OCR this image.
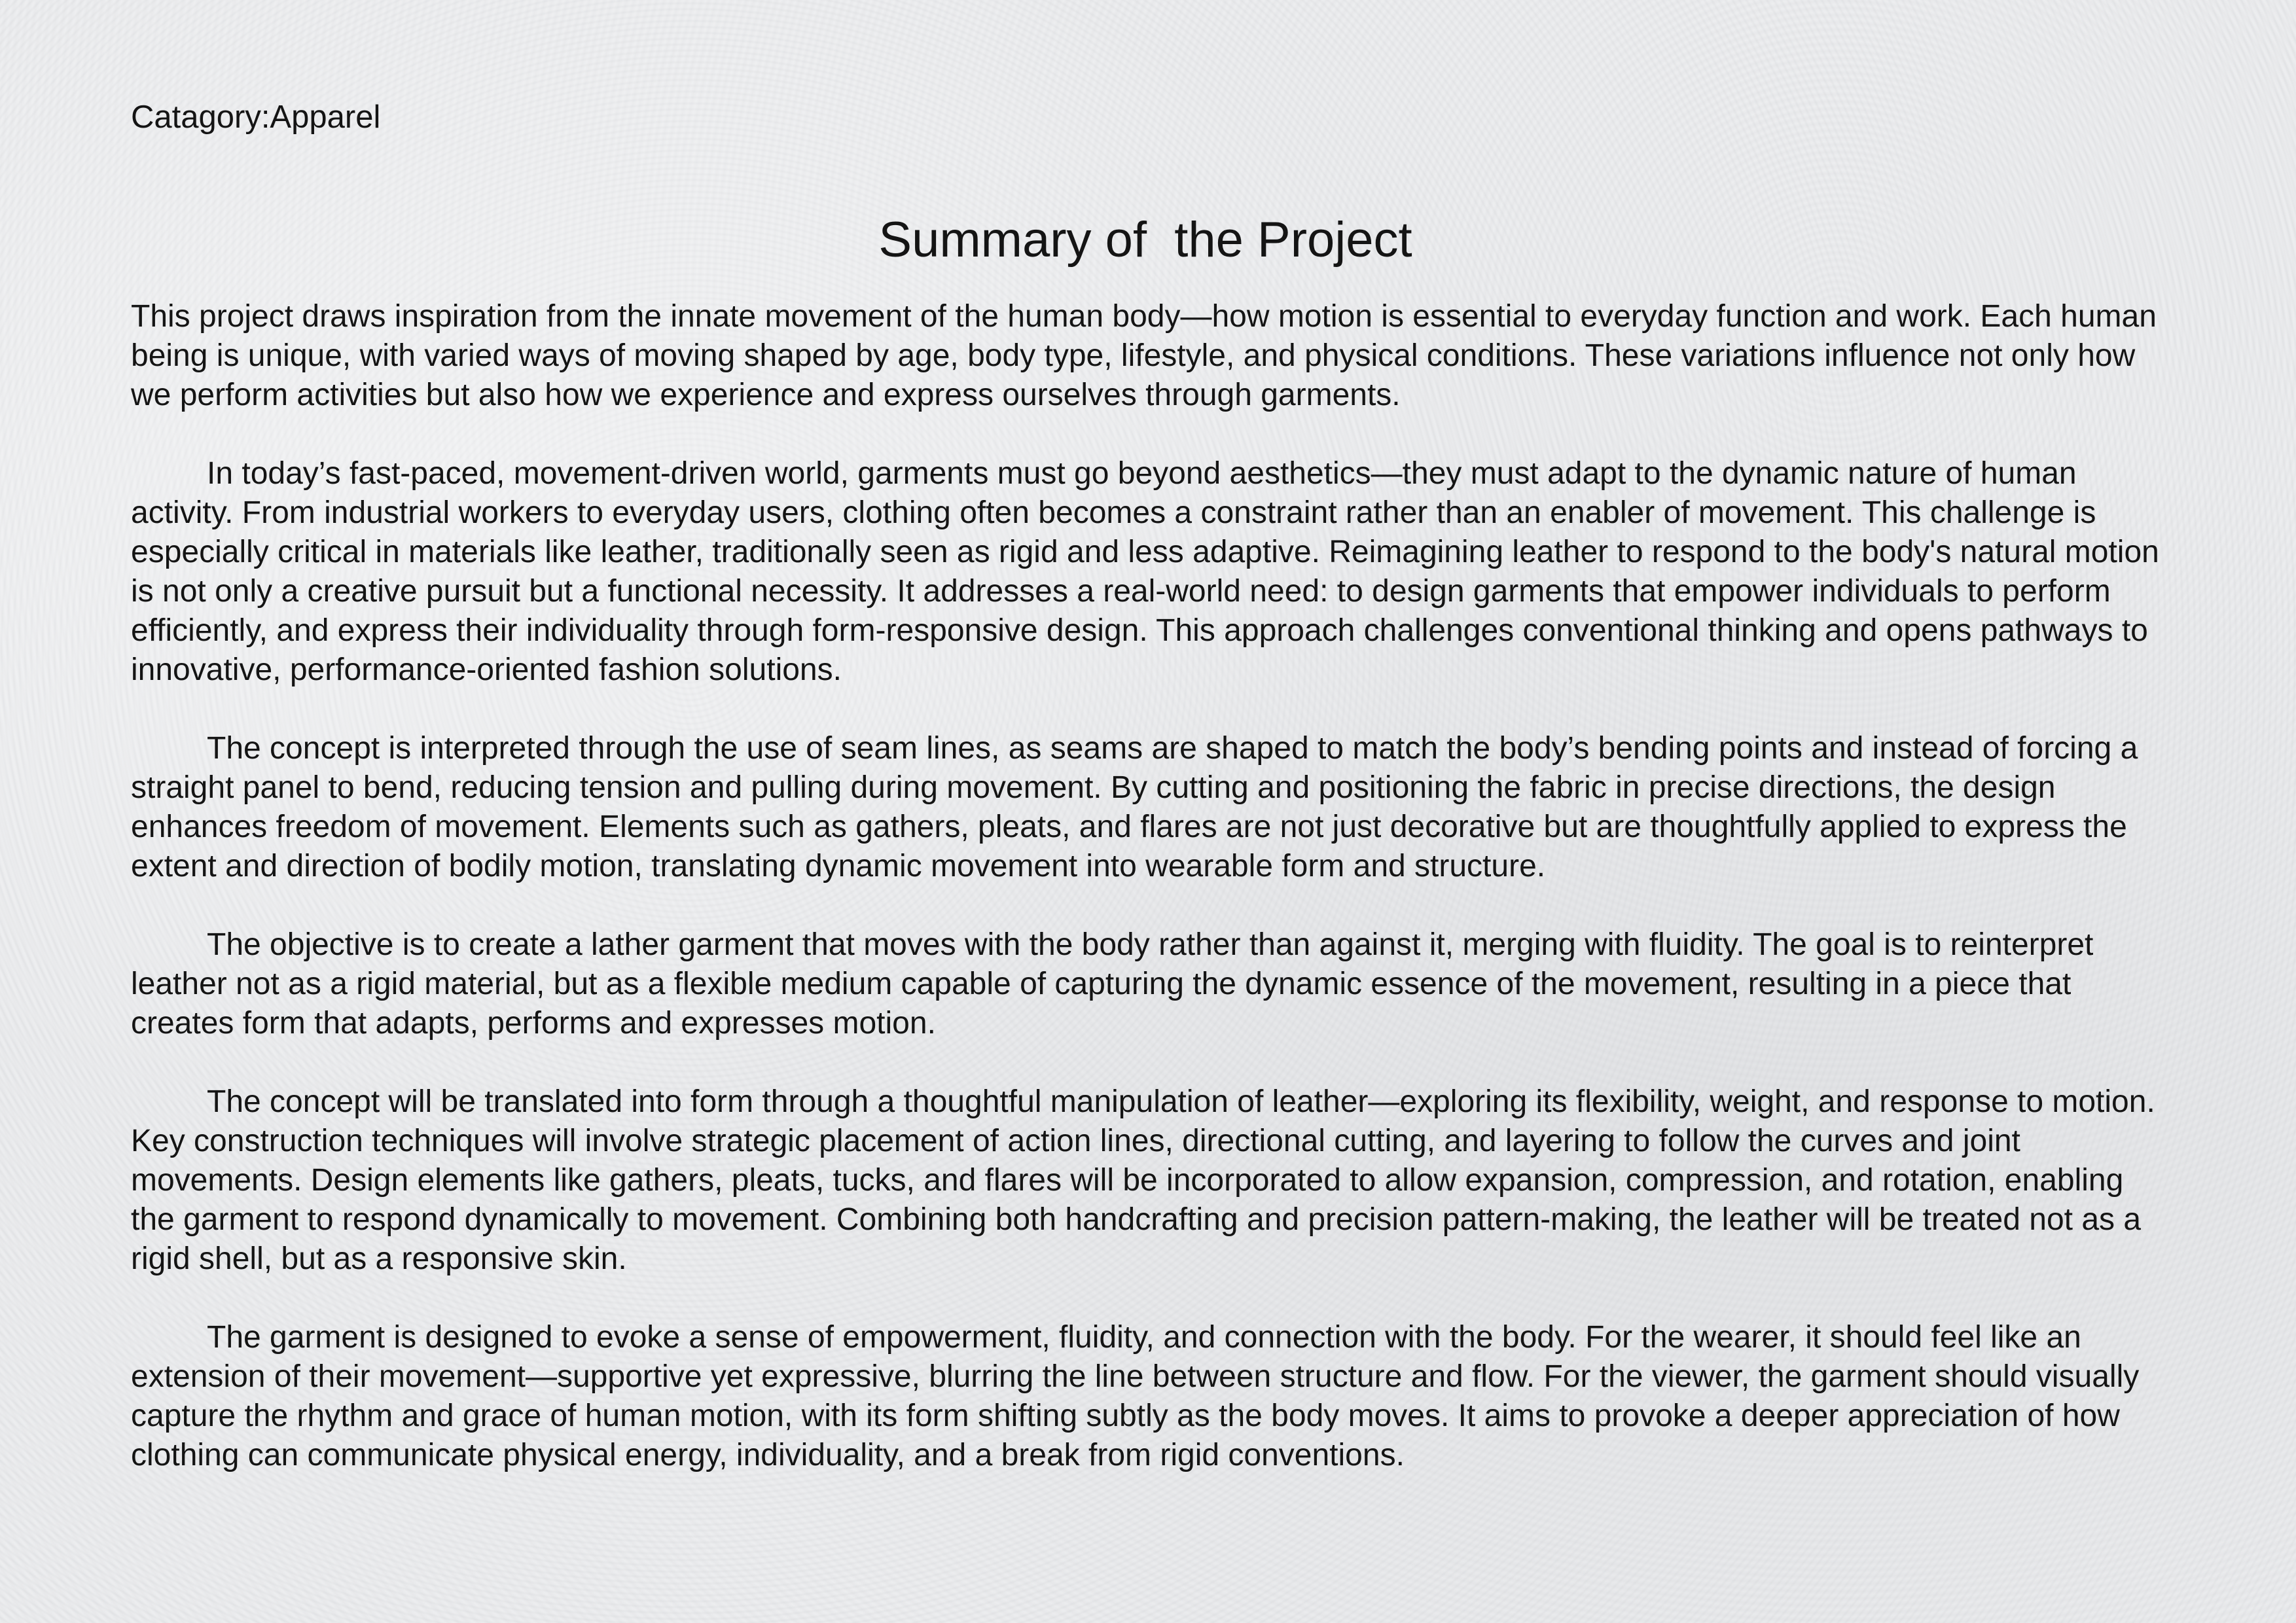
Catagory:Apparel

Summary of  the Project

This project draws inspiration from the innate movement of the human body—how motion is essential to everyday function and work. Each human being is unique, with varied ways of moving shaped by age, body type, lifestyle, and physical conditions. These variations influence not only how we perform activities but also how we experience and express ourselves through garments.

In today’s fast-paced, movement-driven world, garments must go beyond aesthetics—they must adapt to the dynamic nature of human activity. From industrial workers to everyday users, clothing often becomes a constraint rather than an enabler of movement. This challenge is especially critical in materials like leather, traditionally seen as rigid and less adaptive. Reimagining leather to respond to the body's natural motion is not only a creative pursuit but a functional necessity. It addresses a real-world need: to design garments that empower individuals to perform efficiently, and express their individuality through form-responsive design. This approach challenges conventional thinking and opens pathways to innovative, performance-oriented fashion solutions.

The concept is interpreted through the use of seam lines, as seams are shaped to match the body’s bending points and instead of forcing a straight panel to bend, reducing tension and pulling during movement. By cutting and positioning the fabric in precise directions, the design enhances freedom of movement. Elements such as gathers, pleats, and flares are not just decorative but are thoughtfully applied to express the extent and direction of bodily motion, translating dynamic movement into wearable form and structure.

The objective is to create a lather garment that moves with the body rather than against it, merging with fluidity. The goal is to reinterpret leather not as a rigid material, but as a flexible medium capable of capturing the dynamic essence of the movement, resulting in a piece that creates form that adapts, performs and expresses motion.

The concept will be translated into form through a thoughtful manipulation of leather—exploring its flexibility, weight, and response to motion. Key construction techniques will involve strategic placement of action lines, directional cutting, and layering to follow the curves and joint movements. Design elements like gathers, pleats, tucks, and flares will be incorporated to allow expansion, compression, and rotation, enabling the garment to respond dynamically to movement. Combining both handcrafting and precision pattern-making, the leather will be treated not as a rigid shell, but as a responsive skin.

The garment is designed to evoke a sense of empowerment, fluidity, and connection with the body. For the wearer, it should feel like an extension of their movement—supportive yet expressive, blurring the line between structure and flow. For the viewer, the garment should visually capture the rhythm and grace of human motion, with its form shifting subtly as the body moves. It aims to provoke a deeper appreciation of how clothing can communicate physical energy, individuality, and a break from rigid conventions.
